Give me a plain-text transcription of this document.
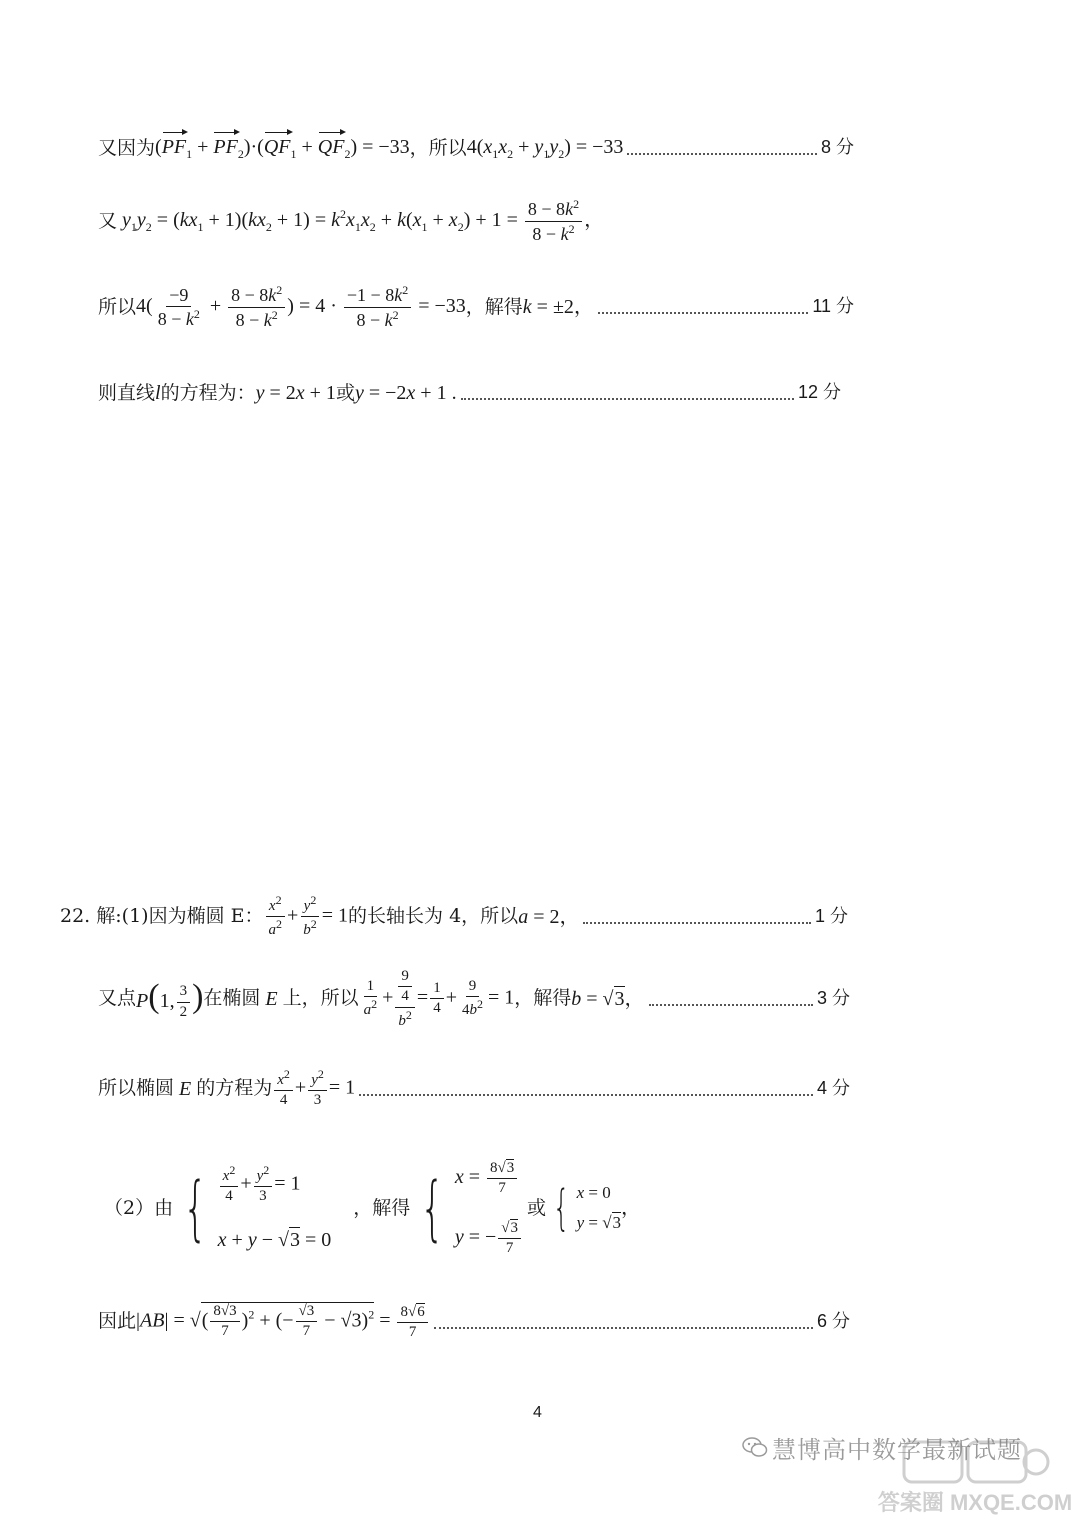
又因为 $(PF_1 + PF_2)\cdot(QF_1 + QF_2) = -33$ ，所以 $4(x_1x_2 + y_1y_2) = -33$	8 分
又 $y_1y_2 = (kx_1 + 1)(kx_2 + 1) = k^2x_1x_2 + k(x_1 + x_2) + 1 = \frac{8 - 8k^2}{8 - k^2}$ ，
所以 $4( \frac{-9}{8 - k^2} + \frac{8 - 8k^2}{8 - k^2}$ ) = $4 \cdot \frac{-1 - 8k^2}{8 - k^2} = -33$ ，解得 k = ±2，	11 分
则直线 l 的方程为： y = 2x + 1 或 y = −2x + 1 .	12 分
22. 解:(1)因为椭圆 E： $\frac{x^2}{a^2} + \frac{y^2}{b^2} = 1$ 的长轴长为 4，所以 a = 2，	1 分
又点 P(1, $\frac{3}{2}$ ) 在椭圆 E 上，所以 $\frac{1}{a^2} + \frac{\frac{9}{4}}{b^2} = \frac{1}{4} + \frac{9}{4b^2} = 1$ ，解得 b = √3，	3 分
所以椭圆 E 的方程为 $\frac{x^2}{4} + \frac{y^2}{3} = 1$	4 分
（2）由 { $\frac{x^2}{4} + \frac{y^2}{3} = 1$
x + y − √3 = 0
，解得 { $x = \frac{8√3}{7}$
y = − $\frac{√3}{7}$
或 { x = 0
y = √3
，
因此 |AB| = √( $\frac{8√3}{7} )^2$ + (− $\frac{√3}{7} - √3)^2 = \frac{8√6}{7}$	6 分
4
慧博高中数学最新试题
答案圈 MXQE.COM
